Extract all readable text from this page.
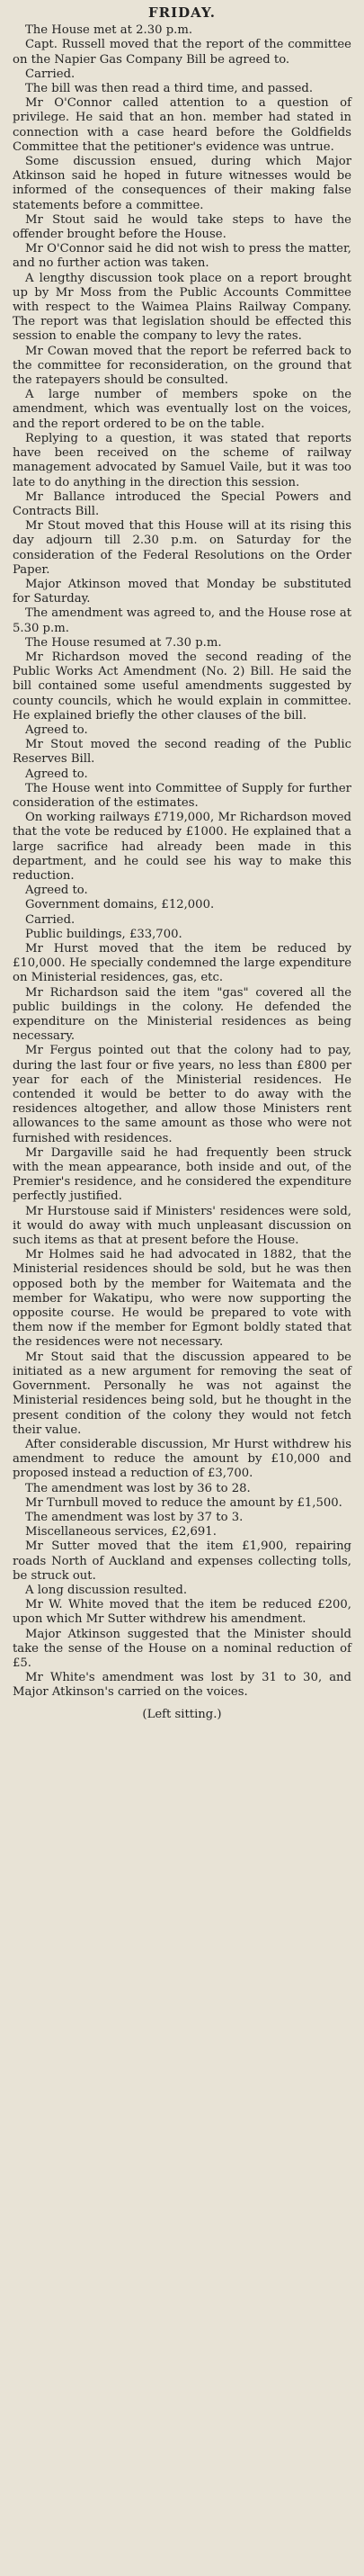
FRIDAY.

The House met at 2.30 p.m.

Capt. Russell moved that the report of the committee on the Napier Gas Company Bill be agreed to.

Carried.

The bill was then read a third time, and passed.

Mr O'Connor called attention to a question of privilege. He said that an hon. member had stated in connection with a case heard before the Goldfields Committee that the petitioner's evidence was untrue.

Some discussion ensued, during which Major Atkinson said he hoped in future witnesses would be informed of the consequences of their making false statements before a committee.

Mr Stout said he would take steps to have the offender brought before the House.

Mr O'Connor said he did not wish to press the matter, and no further action was taken.

A lengthy discussion took place on a report brought up by Mr Moss from the Public Accounts Committee with respect to the Waimea Plains Railway Company. The report was that legislation should be effected this session to enable the company to levy the rates.

Mr Cowan moved that the report be referred back to the committee for reconsideration, on the ground that the ratepayers should be consulted.

A large number of members spoke on the amendment, which was eventually lost on the voices, and the report ordered to be on the table.

Replying to a question, it was stated that reports have been received on the scheme of railway management advocated by Samuel Vaile, but it was too late to do anything in the direction this session.

Mr Ballance introduced the Special Powers and Contracts Bill.

Mr Stout moved that this House will at its rising this day adjourn till 2.30 p.m. on Saturday for the consideration of the Federal Resolutions on the Order Paper.

Major Atkinson moved that Monday be substituted for Saturday.

The amendment was agreed to, and the House rose at 5.30 p.m.

The House resumed at 7.30 p.m.

Mr Richardson moved the second reading of the Public Works Act Amendment (No. 2) Bill. He said the bill contained some useful amendments suggested by county councils, which he would explain in committee. He explained briefly the other clauses of the bill.

Agreed to.

Mr Stout moved the second reading of the Public Reserves Bill.

Agreed to.

The House went into Committee of Supply for further consideration of the estimates.

On working railways £719,000, Mr Richardson moved that the vote be reduced by £1000. He explained that a large sacrifice had already been made in this department, and he could see his way to make this reduction.

Agreed to.

Government domains, £12,000.

Carried.

Public buildings, £33,700.

Mr Hurst moved that the item be reduced by £10,000. He specially condemned the large expenditure on Ministerial residences, gas, etc.

Mr Richardson said the item "gas" covered all the public buildings in the colony. He defended the expenditure on the Ministerial residences as being necessary.

Mr Fergus pointed out that the colony had to pay, during the last four or five years, no less than £800 per year for each of the Ministerial residences. He contended it would be better to do away with the residences altogether, and allow those Ministers rent allowances to the same amount as those who were not furnished with residences.

Mr Dargaville said he had frequently been struck with the mean appearance, both inside and out, of the Premier's residence, and he considered the expenditure perfectly justified.

Mr Hurstouse said if Ministers' residences were sold, it would do away with much unpleasant discussion on such items as that at present before the House.

Mr Holmes said he had advocated in 1882, that the Ministerial residences should be sold, but he was then opposed both by the member for Waitemata and the member for Wakatipu, who were now supporting the opposite course. He would be prepared to vote with them now if the member for Egmont boldly stated that the residences were not necessary.

Mr Stout said that the discussion appeared to be initiated as a new argument for removing the seat of Government. Personally he was not against the Ministerial residences being sold, but he thought in the present condition of the colony they would not fetch their value.

After considerable discussion, Mr Hurst withdrew his amendment to reduce the amount by £10,000 and proposed instead a reduction of £3,700.

The amendment was lost by 36 to 28.

Mr Turnbull moved to reduce the amount by £1,500.

The amendment was lost by 37 to 3.

Miscellaneous services, £2,691.

Mr Sutter moved that the item £1,900, repairing roads North of Auckland and expenses collecting tolls, be struck out.

A long discussion resulted.

Mr W. White moved that the item be reduced £200, upon which Mr Sutter withdrew his amendment.

Major Atkinson suggested that the Minister should take the sense of the House on a nominal reduction of £5.

Mr White's amendment was lost by 31 to 30, and Major Atkinson's carried on the voices.

(Left sitting.)
